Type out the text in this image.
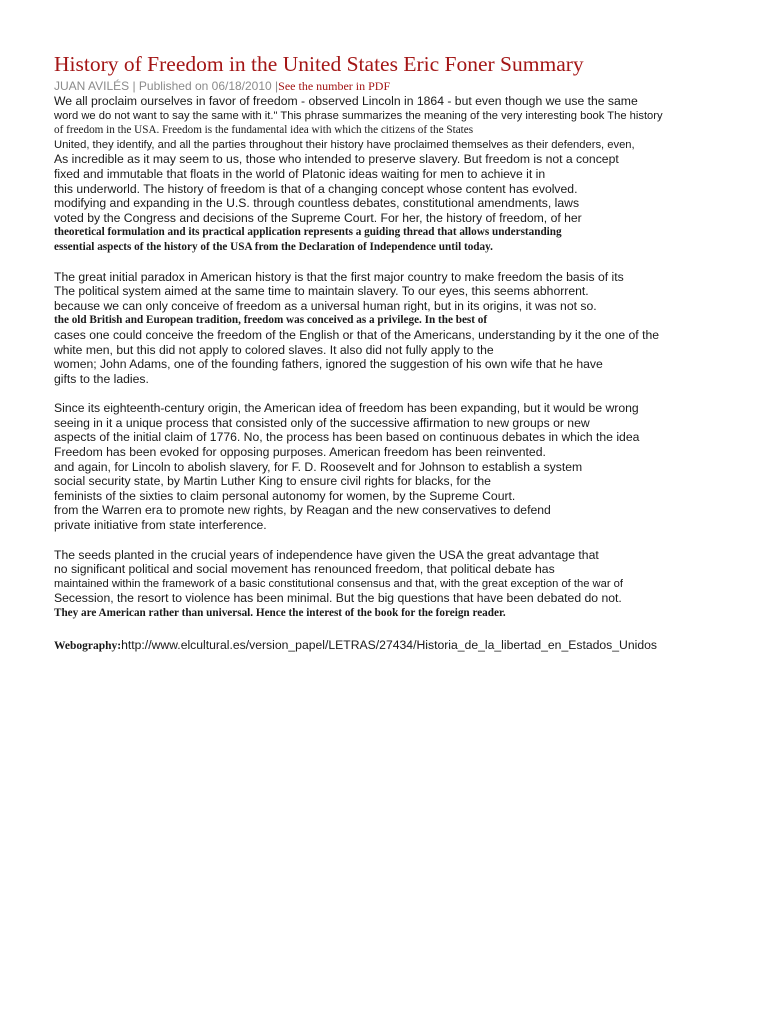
History of Freedom in the United States Eric Foner Summary
JUAN AVILÉS | Published on 06/18/2010 |See the number in PDF
We all proclaim ourselves in favor of freedom - observed Lincoln in 1864 - but even though we use the same
word we do not want to say the same with it." This phrase summarizes the meaning of the very interesting book The history
of freedom in the USA. Freedom is the fundamental idea with which the citizens of the States
United, they identify, and all the parties throughout their history have proclaimed themselves as their defenders, even,
As incredible as it may seem to us, those who intended to preserve slavery. But freedom is not a concept
fixed and immutable that floats in the world of Platonic ideas waiting for men to achieve it in
this underworld. The history of freedom is that of a changing concept whose content has evolved.
modifying and expanding in the U.S. through countless debates, constitutional amendments, laws
voted by the Congress and decisions of the Supreme Court. For her, the history of freedom, of her
theoretical formulation and its practical application represents a guiding thread that allows understanding
essential aspects of the history of the USA from the Declaration of Independence until today.
The great initial paradox in American history is that the first major country to make freedom the basis of its
The political system aimed at the same time to maintain slavery. To our eyes, this seems abhorrent.
because we can only conceive of freedom as a universal human right, but in its origins, it was not so.
the old British and European tradition, freedom was conceived as a privilege. In the best of
cases one could conceive the freedom of the English or that of the Americans, understanding by it the one of the
white men, but this did not apply to colored slaves. It also did not fully apply to the
women; John Adams, one of the founding fathers, ignored the suggestion of his own wife that he have
gifts to the ladies.
Since its eighteenth-century origin, the American idea of freedom has been expanding, but it would be wrong
seeing in it a unique process that consisted only of the successive affirmation to new groups or new
aspects of the initial claim of 1776. No, the process has been based on continuous debates in which the idea
Freedom has been evoked for opposing purposes. American freedom has been reinvented.
and again, for Lincoln to abolish slavery, for F. D. Roosevelt and for Johnson to establish a system
social security state, by Martin Luther King to ensure civil rights for blacks, for the
feminists of the sixties to claim personal autonomy for women, by the Supreme Court.
from the Warren era to promote new rights, by Reagan and the new conservatives to defend
private initiative from state interference.
The seeds planted in the crucial years of independence have given the USA the great advantage that
no significant political and social movement has renounced freedom, that political debate has
maintained within the framework of a basic constitutional consensus and that, with the great exception of the war of
Secession, the resort to violence has been minimal. But the big questions that have been debated do not.
They are American rather than universal. Hence the interest of the book for the foreign reader.
Webography:http://www.elcultural.es/version_papel/LETRAS/27434/Historia_de_la_libertad_en_Estados_Unidos
